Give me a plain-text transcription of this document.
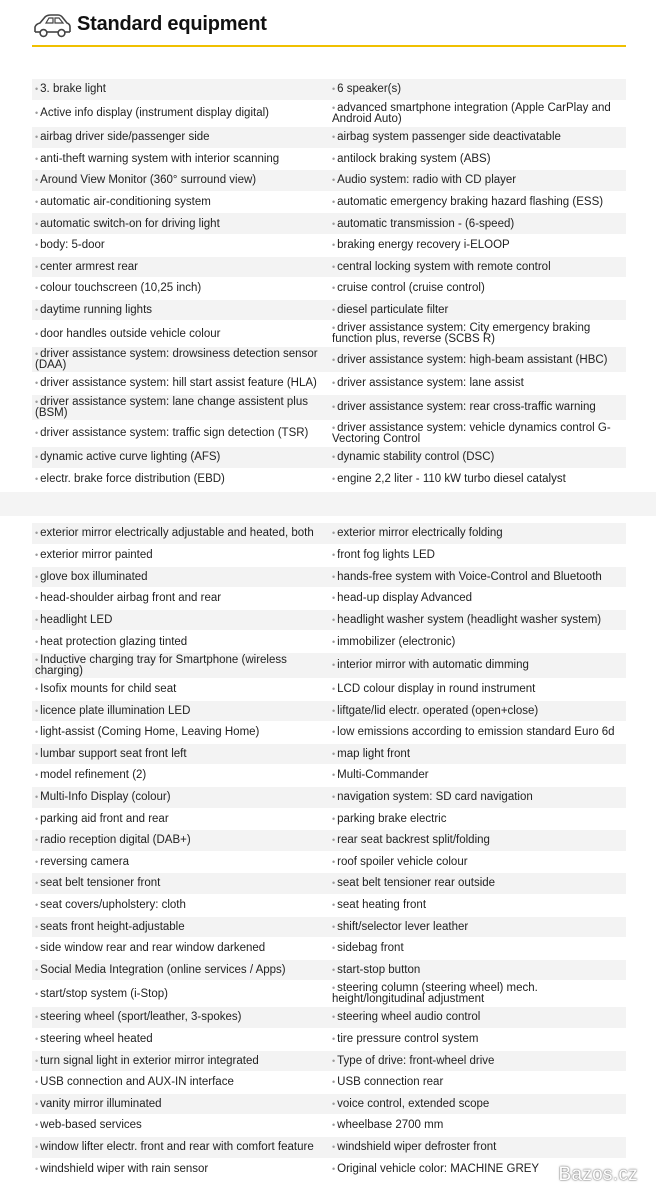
Standard equipment
• 3. brake light	• 6 speaker(s)
• Active info display (instrument display digital)	• advanced smartphone integration (Apple CarPlay and Android Auto)
• airbag driver side/passenger side	• airbag system passenger side deactivatable
• anti-theft warning system with interior scanning	• antilock braking system (ABS)
• Around View Monitor (360° surround view)	• Audio system: radio with CD player
• automatic air-conditioning system	• automatic emergency braking hazard flashing (ESS)
• automatic switch-on for driving light	• automatic transmission - (6-speed)
• body: 5-door	• braking energy recovery i-ELOOP
• center armrest rear	• central locking system with remote control
• colour touchscreen (10,25 inch)	• cruise control (cruise control)
• daytime running lights	• diesel particulate filter
• door handles outside vehicle colour	• driver assistance system: City emergency braking function plus, reverse (SCBS R)
• driver assistance system: drowsiness detection sensor (DAA)	• driver assistance system: high-beam assistant (HBC)
• driver assistance system: hill start assist feature (HLA)	• driver assistance system: lane assist
• driver assistance system: lane change assistent plus (BSM)	• driver assistance system: rear cross-traffic warning
• driver assistance system: traffic sign detection (TSR)	• driver assistance system: vehicle dynamics control G-Vectoring Control
• dynamic active curve lighting (AFS)	• dynamic stability control (DSC)
• electr. brake force distribution (EBD)	• engine 2,2 liter - 110 kW turbo diesel catalyst
• exterior mirror electrically adjustable and heated, both	• exterior mirror electrically folding
• exterior mirror painted	• front fog lights LED
• glove box illuminated	• hands-free system with Voice-Control and Bluetooth
• head-shoulder airbag front and rear	• head-up display Advanced
• headlight LED	• headlight washer system (headlight washer system)
• heat protection glazing tinted	• immobilizer (electronic)
• Inductive charging tray for Smartphone (wireless charging)	• interior mirror with automatic dimming
• Isofix mounts for child seat	• LCD colour display in round instrument
• licence plate illumination LED	• liftgate/lid electr. operated (open+close)
• light-assist (Coming Home, Leaving Home)	• low emissions according to emission standard Euro 6d
• lumbar support seat front left	• map light front
• model refinement (2)	• Multi-Commander
• Multi-Info Display (colour)	• navigation system: SD card navigation
• parking aid front and rear	• parking brake electric
• radio reception digital (DAB+)	• rear seat backrest split/folding
• reversing camera	• roof spoiler vehicle colour
• seat belt tensioner front	• seat belt tensioner rear outside
• seat covers/upholstery: cloth	• seat heating front
• seats front height-adjustable	• shift/selector lever leather
• side window rear and rear window darkened	• sidebag front
• Social Media Integration (online services / Apps)	• start-stop button
• start/stop system (i-Stop)	• steering column (steering wheel) mech. height/longitudinal adjustment
• steering wheel (sport/leather, 3-spokes)	• steering wheel audio control
• steering wheel heated	• tire pressure control system
• turn signal light in exterior mirror integrated	• Type of drive: front-wheel drive
• USB connection and AUX-IN interface	• USB connection rear
• vanity mirror illuminated	• voice control, extended scope
• web-based services	• wheelbase 2700 mm
• window lifter electr. front and rear with comfort feature	• windshield wiper defroster front
• windshield wiper with rain sensor	• Original vehicle color: MACHINE GREY Bazos.cz
